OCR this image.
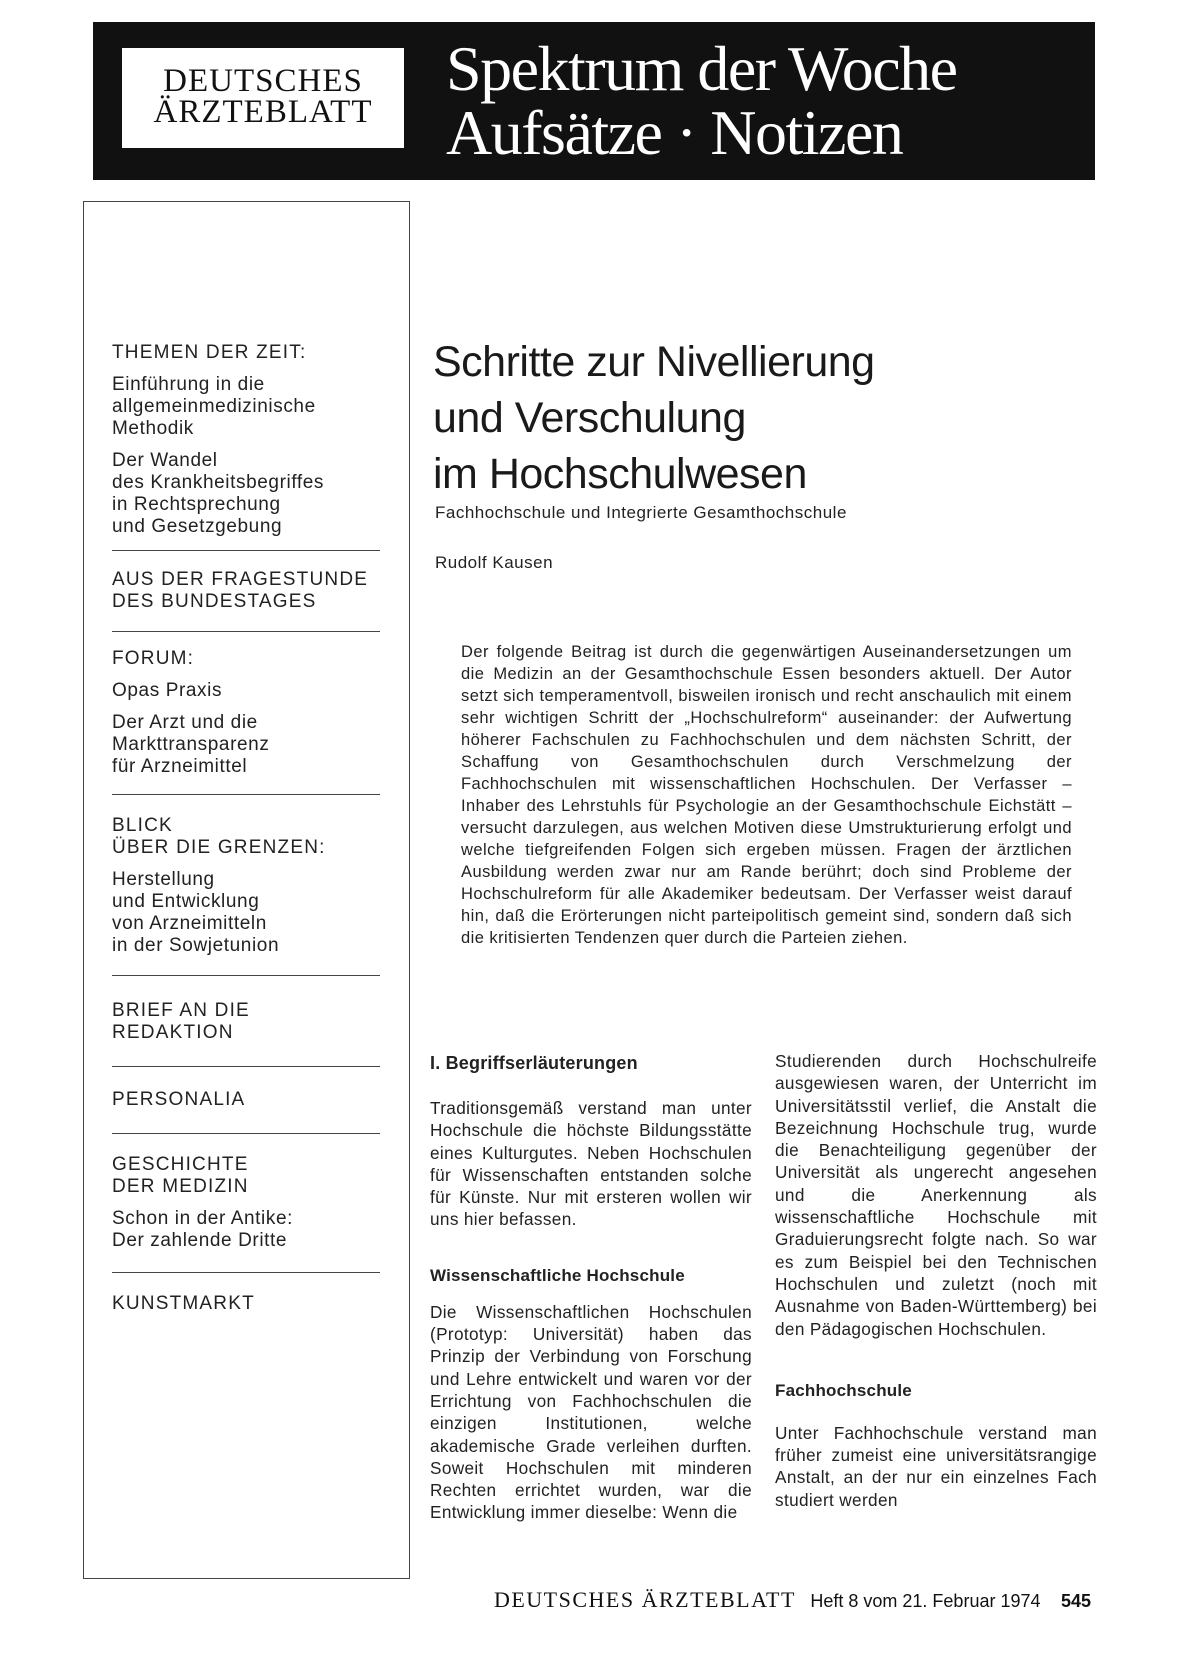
DEUTSCHES
ÄRZTEBLATT
Spektrum der Woche
Aufsätze · Notizen
THEMEN DER ZEIT:
Einführung in die
allgemeinmedizinische
Methodik
Der Wandel
des Krankheitsbegriffes
in Rechtsprechung
und Gesetzgebung
AUS DER FRAGESTUNDE
DES BUNDESTAGES
FORUM:
Opas Praxis
Der Arzt und die
Markttransparenz
für Arzneimittel
BLICK
ÜBER DIE GRENZEN:
Herstellung
und Entwicklung
von Arzneimitteln
in der Sowjetunion
BRIEF AN DIE
REDAKTION
PERSONALIA
GESCHICHTE
DER MEDIZIN
Schon in der Antike:
Der zahlende Dritte
KUNSTMARKT
Schritte zur Nivellierung
und Verschulung
im Hochschulwesen
Fachhochschule und Integrierte Gesamthochschule
Rudolf Kausen

Der folgende Beitrag ist durch die gegenwärtigen Auseinandersetzungen um die Medizin an der Gesamthochschule Essen besonders aktuell. Der Autor setzt sich temperamentvoll, bisweilen ironisch und recht anschaulich mit einem sehr wichtigen Schritt der „Hochschulreform“ auseinander: der Aufwertung höherer Fachschulen zu Fachhochschulen und dem nächsten Schritt, der Schaffung von Gesamthochschulen durch Verschmelzung der Fachhochschulen mit wissenschaftlichen Hochschulen. Der Verfasser – Inhaber des Lehrstuhls für Psychologie an der Gesamthochschule Eichstätt – versucht darzulegen, aus welchen Motiven diese Umstrukturierung erfolgt und welche tiefgreifenden Folgen sich ergeben müssen. Fragen der ärztlichen Ausbildung werden zwar nur am Rande berührt; doch sind Probleme der Hochschulreform für alle Akademiker bedeutsam. Der Verfasser weist darauf hin, daß die Erörterungen nicht parteipolitisch gemeint sind, sondern daß sich die kritisierten Tendenzen quer durch die Parteien ziehen.

I. Begriffserläuterungen

Traditionsgemäß verstand man unter Hochschule die höchste Bildungsstätte eines Kulturgutes. Neben Hochschulen für Wissenschaften entstanden solche für Künste. Nur mit ersteren wollen wir uns hier befassen.

Wissenschaftliche Hochschule

Die Wissenschaftlichen Hochschulen (Prototyp: Universität) haben das Prinzip der Verbindung von Forschung und Lehre entwickelt und waren vor der Errichtung von Fachhochschulen die einzigen Institutionen, welche akademische Grade verleihen durften. Soweit Hochschulen mit minderen Rechten errichtet wurden, war die Entwicklung immer dieselbe: Wenn die

Studierenden durch Hochschulreife ausgewiesen waren, der Unterricht im Universitätsstil verlief, die Anstalt die Bezeichnung Hochschule trug, wurde die Benachteiligung gegenüber der Universität als ungerecht angesehen und die Anerkennung als wissenschaftliche Hochschule mit Graduierungsrecht folgte nach. So war es zum Beispiel bei den Technischen Hochschulen und zuletzt (noch mit Ausnahme von Baden-Württemberg) bei den Pädagogischen Hochschulen.

Fachhochschule

Unter Fachhochschule verstand man früher zumeist eine universitätsrangige Anstalt, an der nur ein einzelnes Fach studiert werden

DEUTSCHES ÄRZTEBLATT Heft 8 vom 21. Februar 1974 545
